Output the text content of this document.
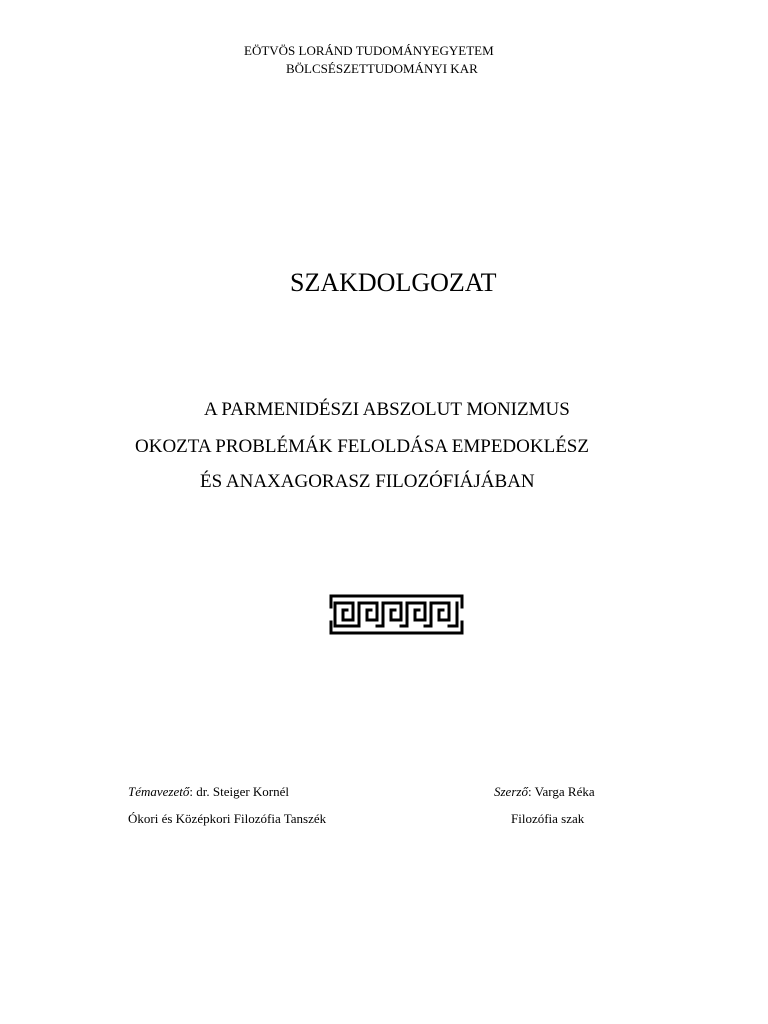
EÖTVÖS LORÁND TUDOMÁNYEGYETEM
BÖLCSÉSZETTUDOMÁNYI KAR
SZAKDOLGOZAT
A PARMENIDÉSZI ABSZOLUT MONIZMUS
OKOZTA PROBLÉMÁK FELOLDÁSA EMPEDOKLÉSZ
ÉS ANAXAGORASZ FILOZÓFIÁJÁBAN
Témavezető: dr. Steiger Kornél
Ókori és Középkori Filozófia Tanszék
Szerző: Varga Réka
Filozófia szak
